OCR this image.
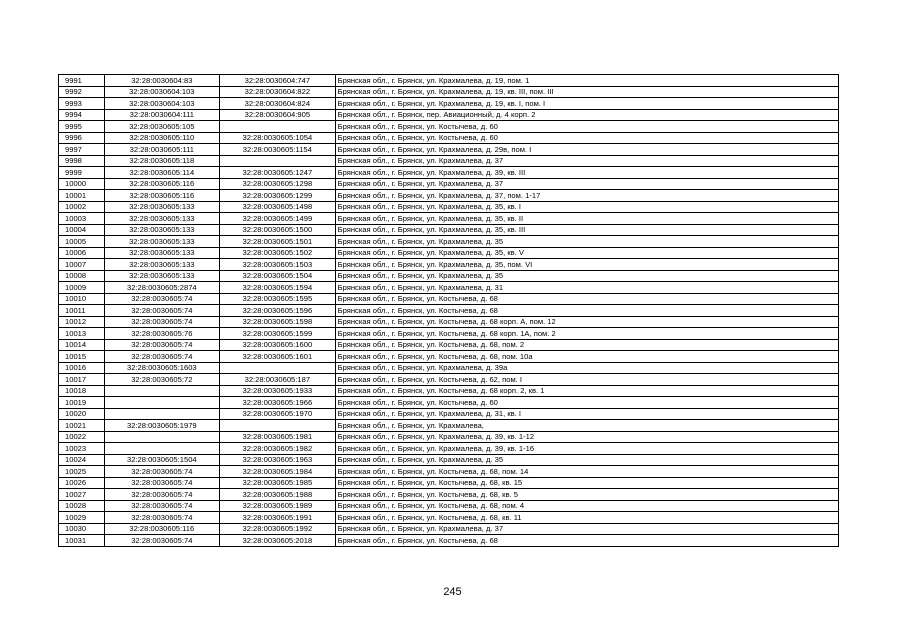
9991	32:28:0030604:83	32:28:0030604:747	Брянская обл., г. Брянск, ул. Крахмалева, д. 19, пом. 1
9992	32:28:0030604:103	32:28:0030604:822	Брянская обл., г. Брянск, ул. Крахмалева, д. 19, кв. III, пом. III
9993	32:28:0030604:103	32:28:0030604:824	Брянская обл., г. Брянск, ул. Крахмалева, д. 19, кв. I, пом. I
9994	32:28:0030604:111	32:28:0030604:905	Брянская обл., г. Брянск, пер. Авиационный, д. 4 корп. 2
9995	32:28:0030605:105		Брянская обл., г. Брянск, ул. Костычева, д. 60
9996	32:28:0030605:110	32:28:0030605:1054	Брянская обл., г. Брянск, ул. Костычева, д. 60
9997	32:28:0030605:111	32:28:0030605:1154	Брянская обл., г. Брянск, ул. Крахмалева, д. 29в, пом. I
9998	32:28:0030605:118		Брянская обл., г. Брянск, ул. Крахмалева, д. 37
9999	32:28:0030605:114	32:28:0030605:1247	Брянская обл., г. Брянск, ул. Крахмалева, д. 39, кв. III
10000	32:28:0030605:116	32:28:0030605:1298	Брянская обл., г. Брянск, ул. Крахмалева, д. 37
10001	32:28:0030605:116	32:28:0030605:1299	Брянская обл., г. Брянск, ул. Крахмалева, д. 37, пом. 1-17
10002	32:28:0030605:133	32:28:0030605:1498	Брянская обл., г. Брянск, ул. Крахмалева, д. 35, кв. I
10003	32:28:0030605:133	32:28:0030605:1499	Брянская обл., г. Брянск, ул. Крахмалева, д. 35, кв. II
10004	32:28:0030605:133	32:28:0030605:1500	Брянская обл., г. Брянск, ул. Крахмалева, д. 35, кв. III
10005	32:28:0030605:133	32:28:0030605:1501	Брянская обл., г. Брянск, ул. Крахмалева, д. 35
10006	32:28:0030605:133	32:28:0030605:1502	Брянская обл., г. Брянск, ул. Крахмалева, д. 35, кв. V
10007	32:28:0030605:133	32:28:0030605:1503	Брянская обл., г. Брянск, ул. Крахмалева, д. 35, пом. VI
10008	32:28:0030605:133	32:28:0030605:1504	Брянская обл., г. Брянск, ул. Крахмалева, д. 35
10009	32:28:0030605:2874	32:28:0030605:1594	Брянская обл., г. Брянск, ул. Крахмалева, д. 31
10010	32:28:0030605:74	32:28:0030605:1595	Брянская обл., г. Брянск, ул. Костычева, д. 68
10011	32:28:0030605:74	32:28:0030605:1596	Брянская обл., г. Брянск, ул. Костычева, д. 68
10012	32:28:0030605:74	32:28:0030605:1598	Брянская обл., г. Брянск, ул. Костычева, д. 68 корп. А, пом. 12
10013	32:28:0030605:76	32:28:0030605:1599	Брянская обл., г. Брянск, ул. Костычева, д. 68 корп. 1А, пом. 2
10014	32:28:0030605:74	32:28:0030605:1600	Брянская обл., г. Брянск, ул. Костычева, д. 68, пом. 2
10015	32:28:0030605:74	32:28:0030605:1601	Брянская обл., г. Брянск, ул. Костычева, д. 68, пом. 10а
10016	32:28:0030605:1603		Брянская обл., г. Брянск, ул. Крахмалева, д. 39а
10017	32:28:0030605:72	32:28:0030605:187	Брянская обл., г. Брянск, ул. Костычева, д. 62, пом. I
10018		32:28:0030605:1933	Брянская обл., г. Брянск, ул. Костычева, д. 68 корп. 2, кв. 1
10019		32:28:0030605:1966	Брянская обл., г. Брянск, ул. Костычева, д. 60
10020		32:28:0030605:1970	Брянская обл., г. Брянск, ул. Крахмалева, д. 31, кв. I
10021	32:28:0030605:1979		Брянская обл., г. Брянск, ул. Крахмалева,
10022		32:28:0030605:1981	Брянская обл., г. Брянск, ул. Крахмалева, д. 39, кв. 1-12
10023		32:28:0030605:1982	Брянская обл., г. Брянск, ул. Крахмалева, д. 39, кв. 1-16
10024	32:28:0030605:1504	32:28:0030605:1963	Брянская обл., г. Брянск, ул. Крахмалева, д. 35
10025	32:28:0030605:74	32:28:0030605:1984	Брянская обл., г. Брянск, ул. Костычева, д. 68, пом. 14
10026	32:28:0030605:74	32:28:0030605:1985	Брянская обл., г. Брянск, ул. Костычева, д. 68, кв. 15
10027	32:28:0030605:74	32:28:0030605:1988	Брянская обл., г. Брянск, ул. Костычева, д. 68, кв. 5
10028	32:28:0030605:74	32:28:0030605:1989	Брянская обл., г. Брянск, ул. Костычева, д. 68, пом. 4
10029	32:28:0030605:74	32:28:0030605:1991	Брянская обл., г. Брянск, ул. Костычева, д. 68, кв. 11
10030	32:28:0030605:116	32:28:0030605:1992	Брянская обл., г. Брянск, ул. Крахмалева, д. 37
10031	32:28:0030605:74	32:28:0030605:2018	Брянская обл., г. Брянск, ул. Костычева, д. 68
245
